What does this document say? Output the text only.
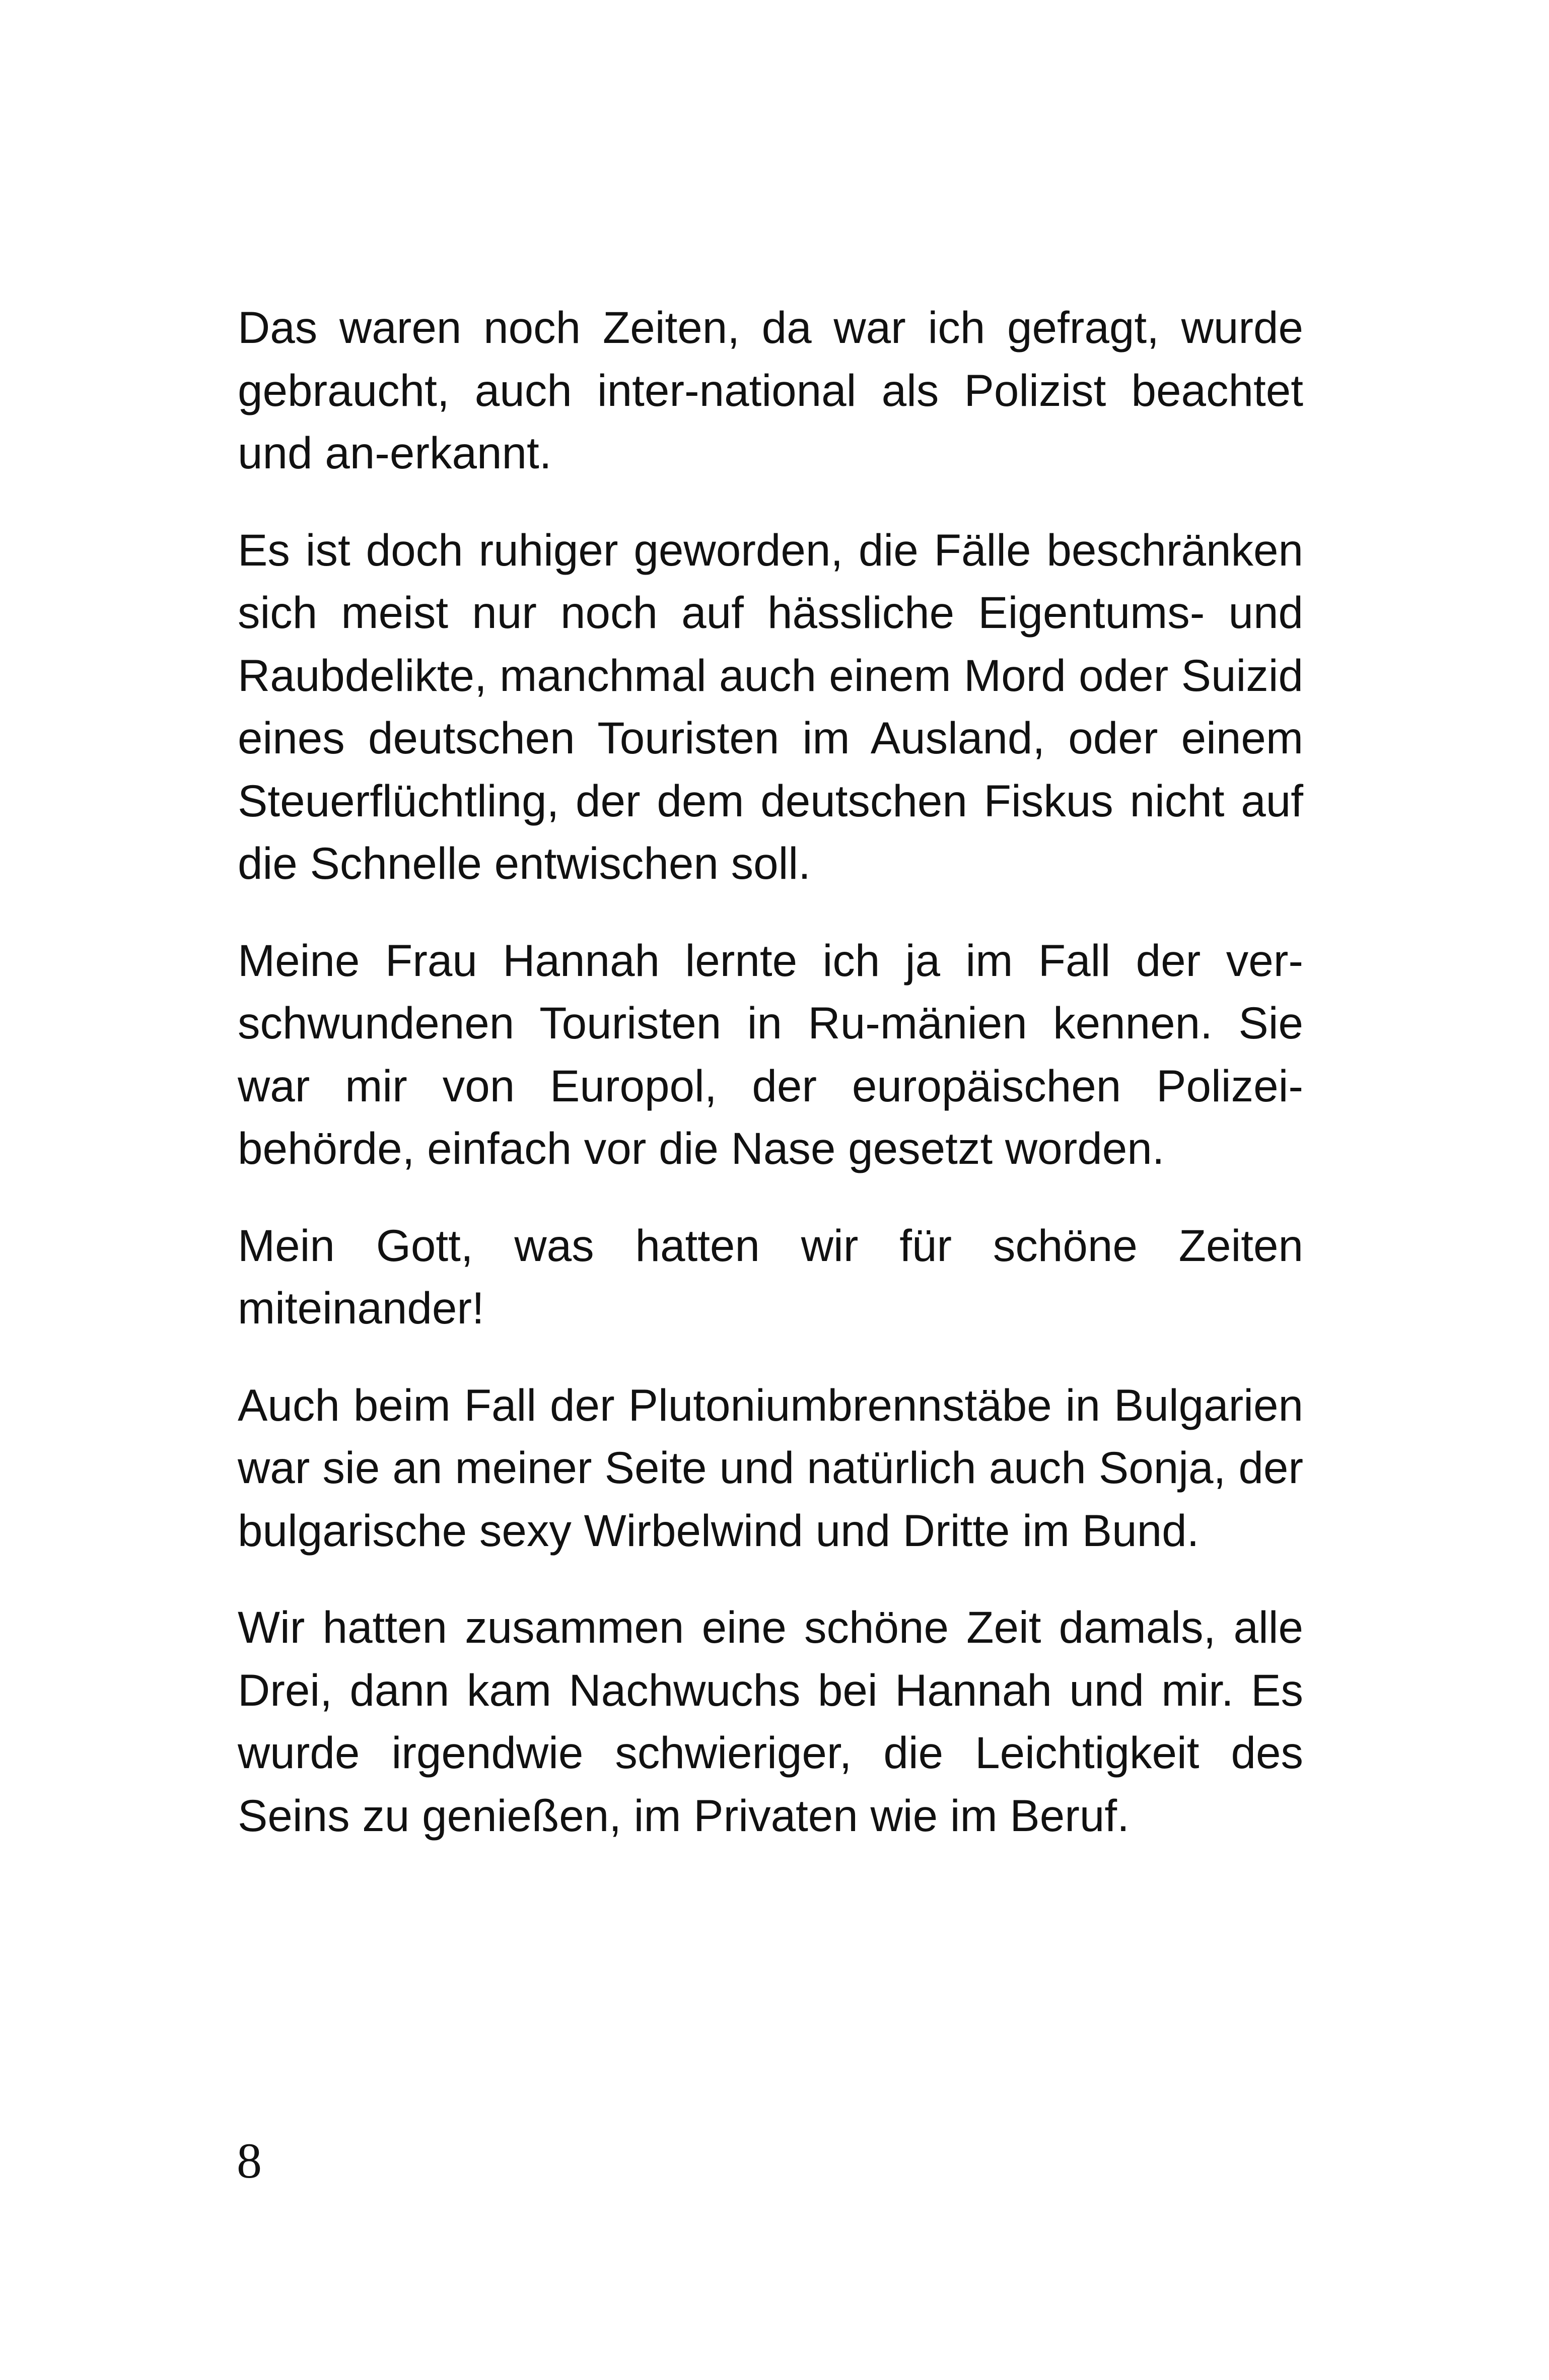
Das waren noch Zeiten, da war ich gefragt, wurde gebraucht, auch inter-national als Polizist beachtet und an-erkannt.

Es ist doch ruhiger geworden, die Fälle beschränken sich meist nur noch auf hässliche Eigentums- und Raubdelikte, manchmal auch einem Mord oder Suizid eines deutschen Touristen im Ausland, oder einem Steuerflüchtling, der dem deutschen Fiskus nicht auf die Schnelle entwischen soll.

Meine Frau Hannah lernte ich ja im Fall der ver-schwundenen Touristen in Ru-mänien kennen. Sie war mir von Europol, der europäischen Polizei-behörde, einfach vor die Nase gesetzt worden.

Mein Gott, was hatten wir für schöne Zeiten miteinander!

Auch beim Fall der Plutoniumbrennstäbe in Bulgarien war sie an meiner Seite und natürlich auch Sonja, der bulgarische sexy Wirbelwind und Dritte im Bund.

Wir hatten zusammen eine schöne Zeit damals, alle Drei, dann kam Nachwuchs bei Hannah und mir. Es wurde irgendwie schwieriger, die Leichtigkeit des Seins zu genießen, im Privaten wie im Beruf.

8
